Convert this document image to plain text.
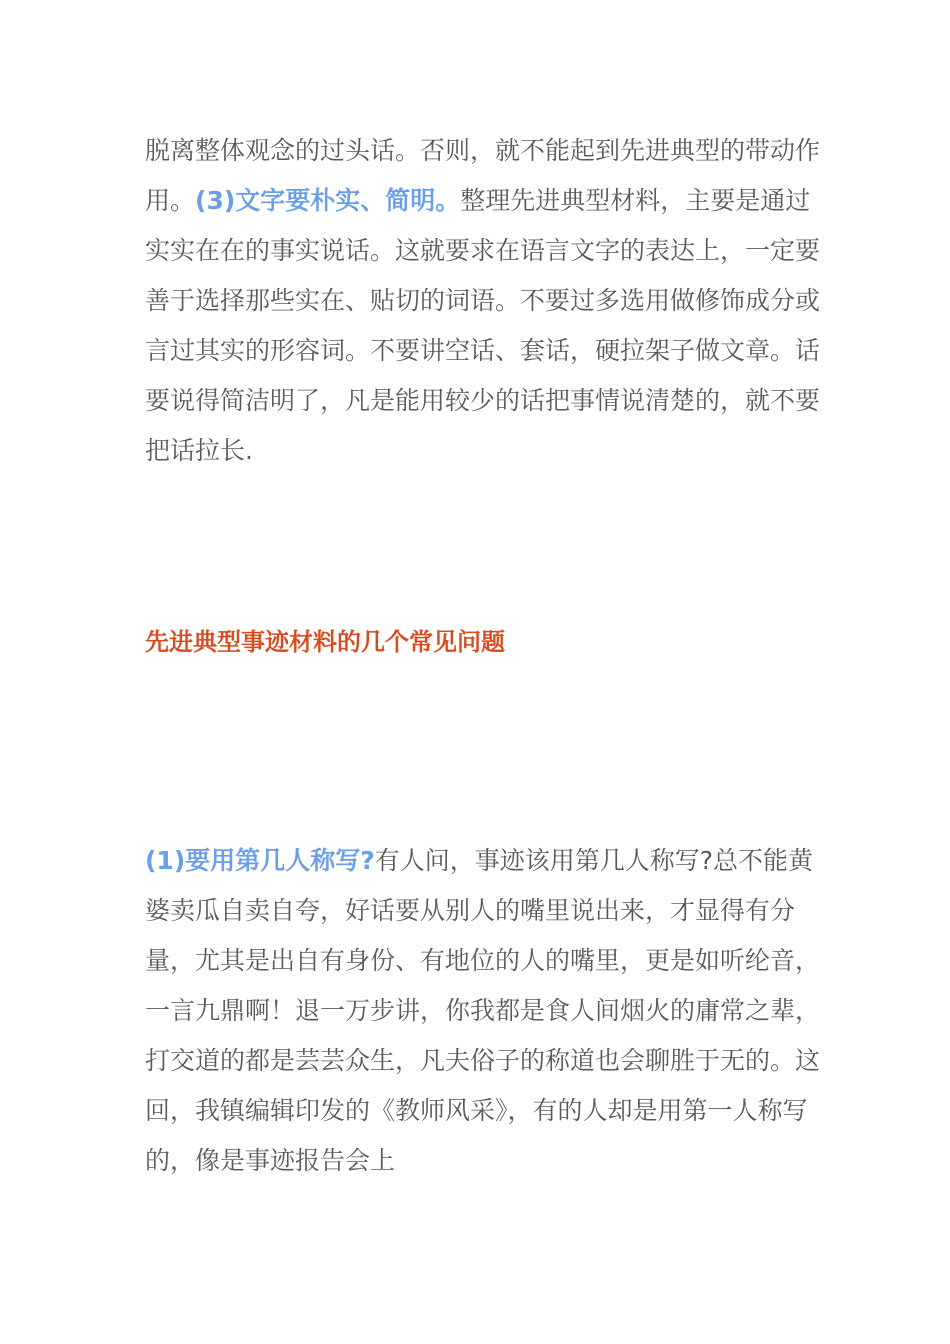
脱离整体观念的过头话。否则，就不能起到先进典型的带动作用。(3)文字要朴实、简明。整理先进典型材料，主要是通过实实在在的事实说话。这就要求在语言文字的表达上，一定要善于选择那些实在、贴切的词语。不要过多选用做修饰成分或言过其实的形容词。不要讲空话、套话，硬拉架子做文章。话要说得简洁明了，凡是能用较少的话把事情说清楚的，就不要把话拉长.

先进典型事迹材料的几个常见问题

(1)要用第几人称写?有人问，事迹该用第几人称写?总不能黄婆卖瓜自卖自夸，好话要从别人的嘴里说出来，才显得有分量，尤其是出自有身份、有地位的人的嘴里，更是如听纶音，一言九鼎啊！退一万步讲，你我都是食人间烟火的庸常之辈，打交道的都是芸芸众生，凡夫俗子的称道也会聊胜于无的。这回，我镇编辑印发的《教师风采》，有的人却是用第一人称写的，像是事迹报告会上
